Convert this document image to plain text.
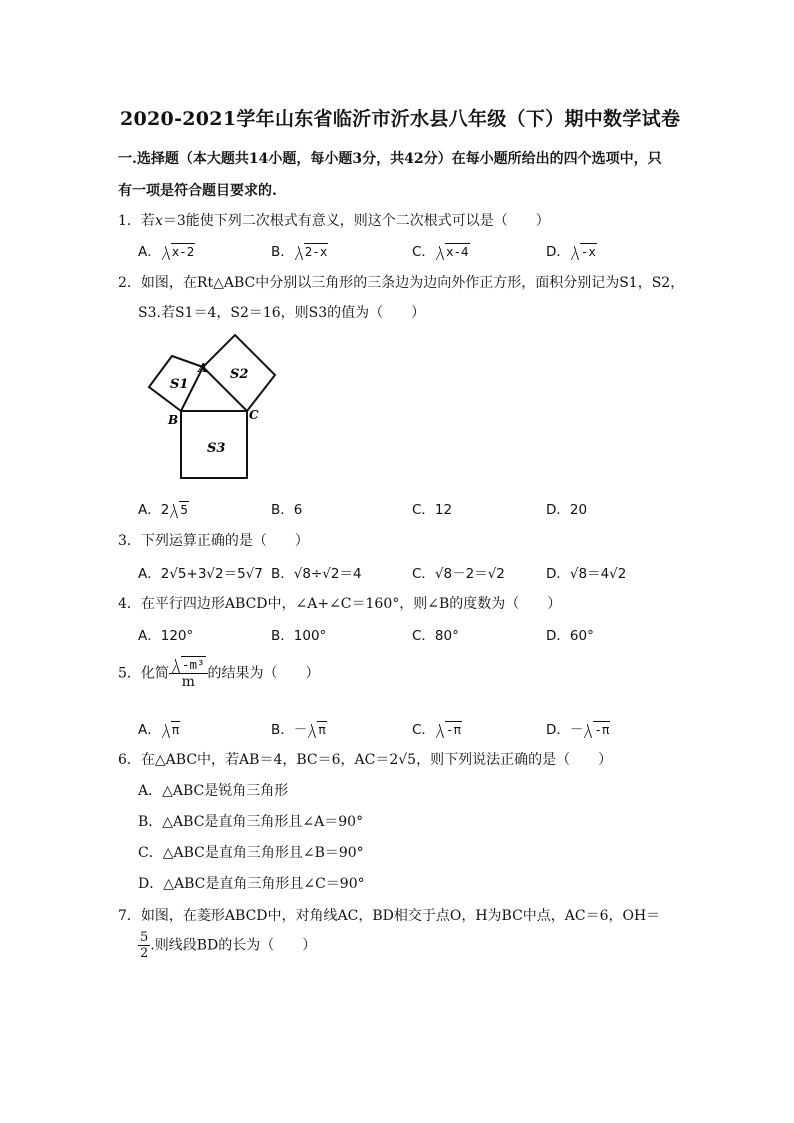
2020-2021学年山东省临沂市沂水县八年级（下）期中数学试卷
一.选择题（本大题共14小题，每小题3分，共42分）在每小题所给出的四个选项中，只
有一项是符合题目要求的.
1．若x＝3能使下列二次根式有意义，则这个二次根式可以是（　　）
A． x-2	B． 2-x	C． x-4	D． -x
2．如图，在Rt△ABC中分别以三角形的三条边为边向外作正方形，面积分别记为S1，S2，
S3.若S1＝4，S2＝16，则S3的值为（　　）
S1
S2
S3
A
B	C
A．2 5	B．6	C．12	D．20
3．下列运算正确的是（　　）
A．2√5+3√2＝5√7 B．√8÷√2＝4	C．√8－2＝√2	D．√8＝4√2
4．在平行四边形ABCD中，∠A+∠C＝160°，则∠B的度数为（　　）
A．120°	B．100°	C．80°	D．60°
5．化简 $\frac{\text{-m³}}{m}$ 的结果为（　　）
A． π	B．－ π	C． -π	D．－ -π
6．在△ABC中，若AB＝4，BC＝6，AC＝2√5，则下列说法正确的是（　　）
A．△ABC是锐角三角形
B．△ABC是直角三角形且∠A＝90°
C．△ABC是直角三角形且∠B＝90°
D．△ABC是直角三角形且∠C＝90°
7．如图，在菱形ABCD中，对角线AC，BD相交于点O，H为BC中点，AC＝6，OH＝
$\frac{5}{2}$ .则线段BD的长为（　　）
